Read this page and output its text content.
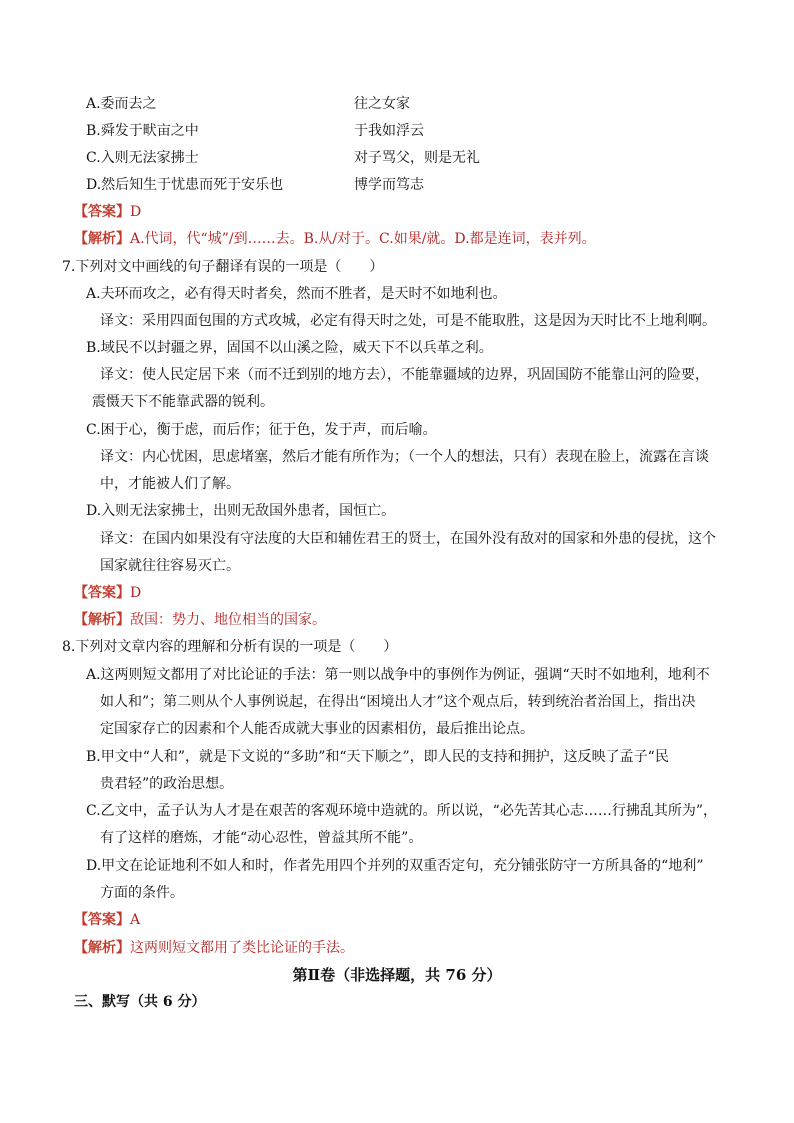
A.委而去之	往之女家
B.舜发于畎亩之中	于我如浮云
C.入则无法家拂士	对子骂父，则是无礼
D.然后知生于忧患而死于安乐也	博学而笃志
【答案】D
【解析】A.代词，代“城”/到……去。B.从/对于。C.如果/就。D.都是连词，表并列。
7.下列对文中画线的句子翻译有误的一项是（　　）
A.夫环而攻之，必有得天时者矣，然而不胜者，是天时不如地利也。
译文：采用四面包围的方式攻城，必定有得天时之处，可是不能取胜，这是因为天时比不上地利啊。
B.域民不以封疆之界，固国不以山溪之险，威天下不以兵革之利。
译文：使人民定居下来（而不迁到别的地方去），不能靠疆域的边界，巩固国防不能靠山河的险要，
震慑天下不能靠武器的锐利。
C.困于心，衡于虑，而后作；征于色，发于声，而后喻。
译文：内心忧困，思虑堵塞，然后才能有所作为；（一个人的想法，只有）表现在脸上，流露在言谈
中，才能被人们了解。
D.入则无法家拂士，出则无敌国外患者，国恒亡。
译文：在国内如果没有守法度的大臣和辅佐君王的贤士，在国外没有敌对的国家和外患的侵扰，这个
国家就往往容易灭亡。
【答案】D
【解析】敌国：势力、地位相当的国家。
8.下列对文章内容的理解和分析有误的一项是（　　）
A.这两则短文都用了对比论证的手法：第一则以战争中的事例作为例证，强调“天时不如地利，地利不
如人和”；第二则从个人事例说起，在得出“困境出人才”这个观点后，转到统治者治国上，指出决
定国家存亡的因素和个人能否成就大事业的因素相仿，最后推出论点。
B.甲文中“人和”，就是下文说的“多助”和“天下顺之”，即人民的支持和拥护，这反映了孟子“民
贵君轻”的政治思想。
C.乙文中，孟子认为人才是在艰苦的客观环境中造就的。所以说，“必先苦其心志……行拂乱其所为”，
有了这样的磨炼，才能“动心忍性，曾益其所不能”。
D.甲文在论证地利不如人和时，作者先用四个并列的双重否定句，充分铺张防守一方所具备的“地利”
方面的条件。
【答案】A
【解析】这两则短文都用了类比论证的手法。
第Ⅱ卷（非选择题，共 76 分）
三、默写（共 6 分）
